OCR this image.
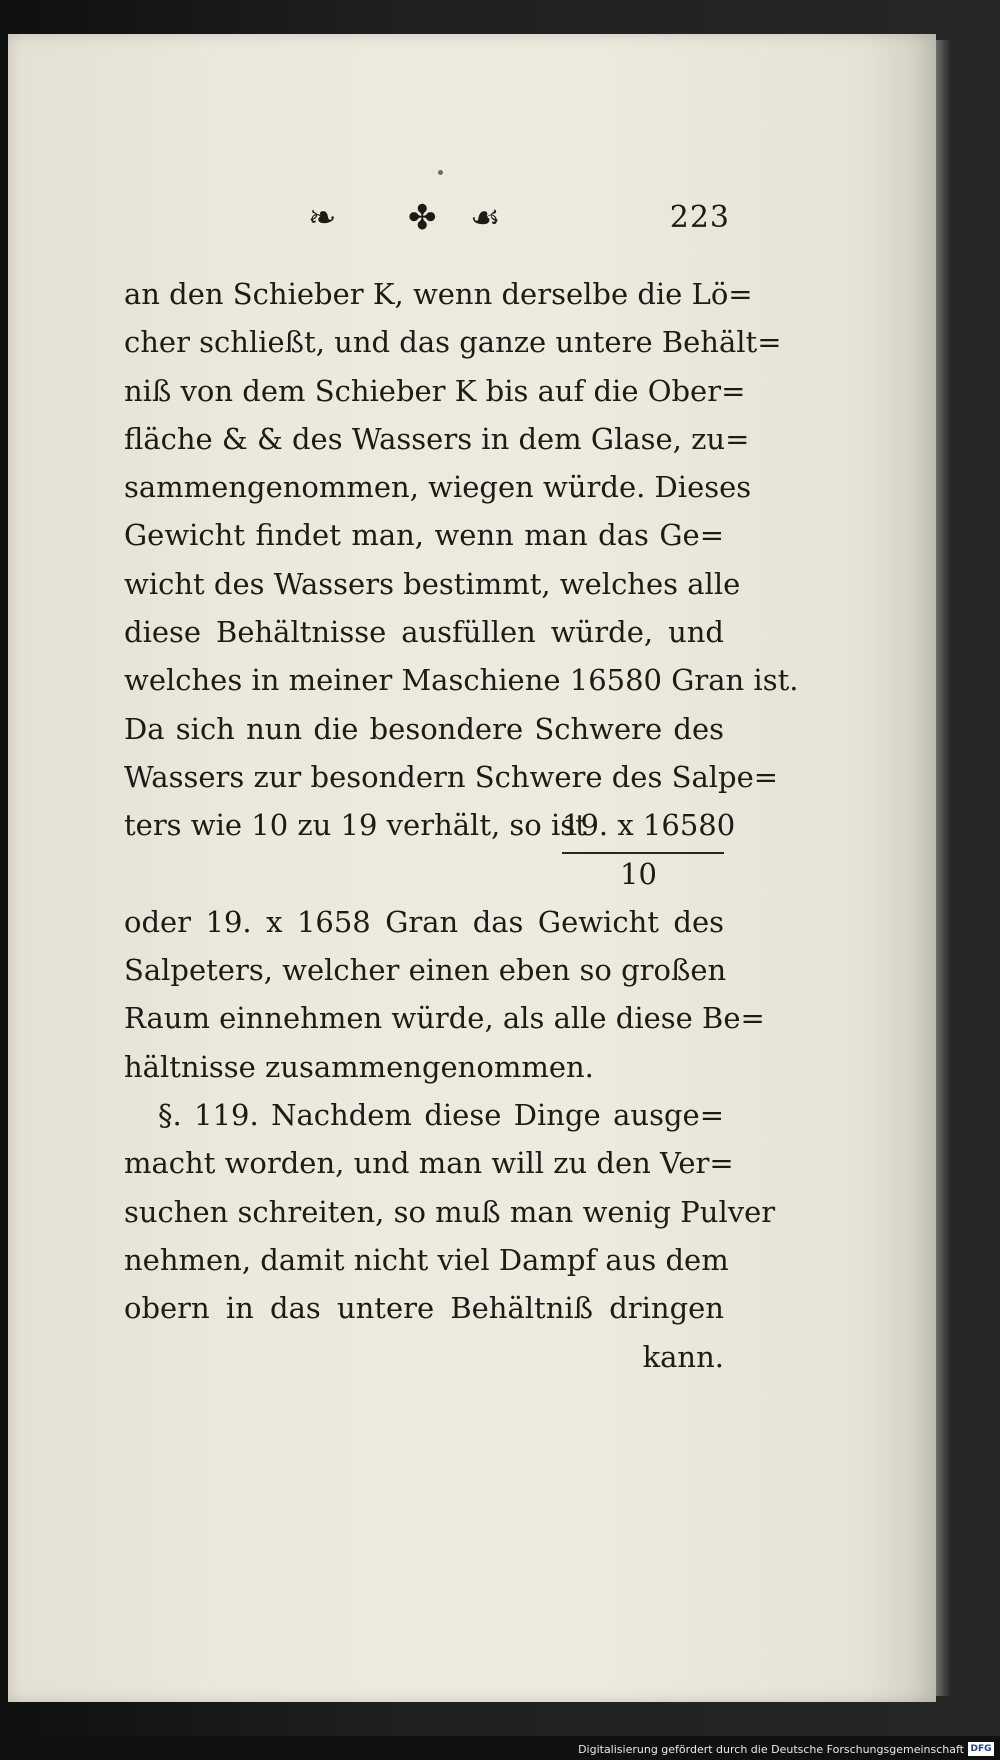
❧ ✤ ☙	223
an den Schieber K, wenn derselbe die Lö=
cher schließt, und das ganze untere Behält=
niß von dem Schieber K bis auf die Ober=
fläche & & des Wassers in dem Glase, zu=
sammengenommen, wiegen würde. Dieses
Gewicht findet man, wenn man das Ge=
wicht des Wassers bestimmt, welches alle
diese Behältnisse ausfüllen würde, und
welches in meiner Maschiene 16580 Gran ist.
Da sich nun die besondere Schwere des
Wassers zur besondern Schwere des Salpe=
ters wie 10 zu 19 verhält, so ist
19. x 16580
10
oder 19. x 1658 Gran das Gewicht des
Salpeters, welcher einen eben so großen
Raum einnehmen würde, als alle diese Be=
hältnisse zusammengenommen.
§. 119. Nachdem diese Dinge ausge=
macht worden, und man will zu den Ver=
suchen schreiten, so muß man wenig Pulver
nehmen, damit nicht viel Dampf aus dem
obern in das untere Behältniß dringen
kann.
Digitalisierung gefördert durch die Deutsche Forschungsgemeinschaft DFG
